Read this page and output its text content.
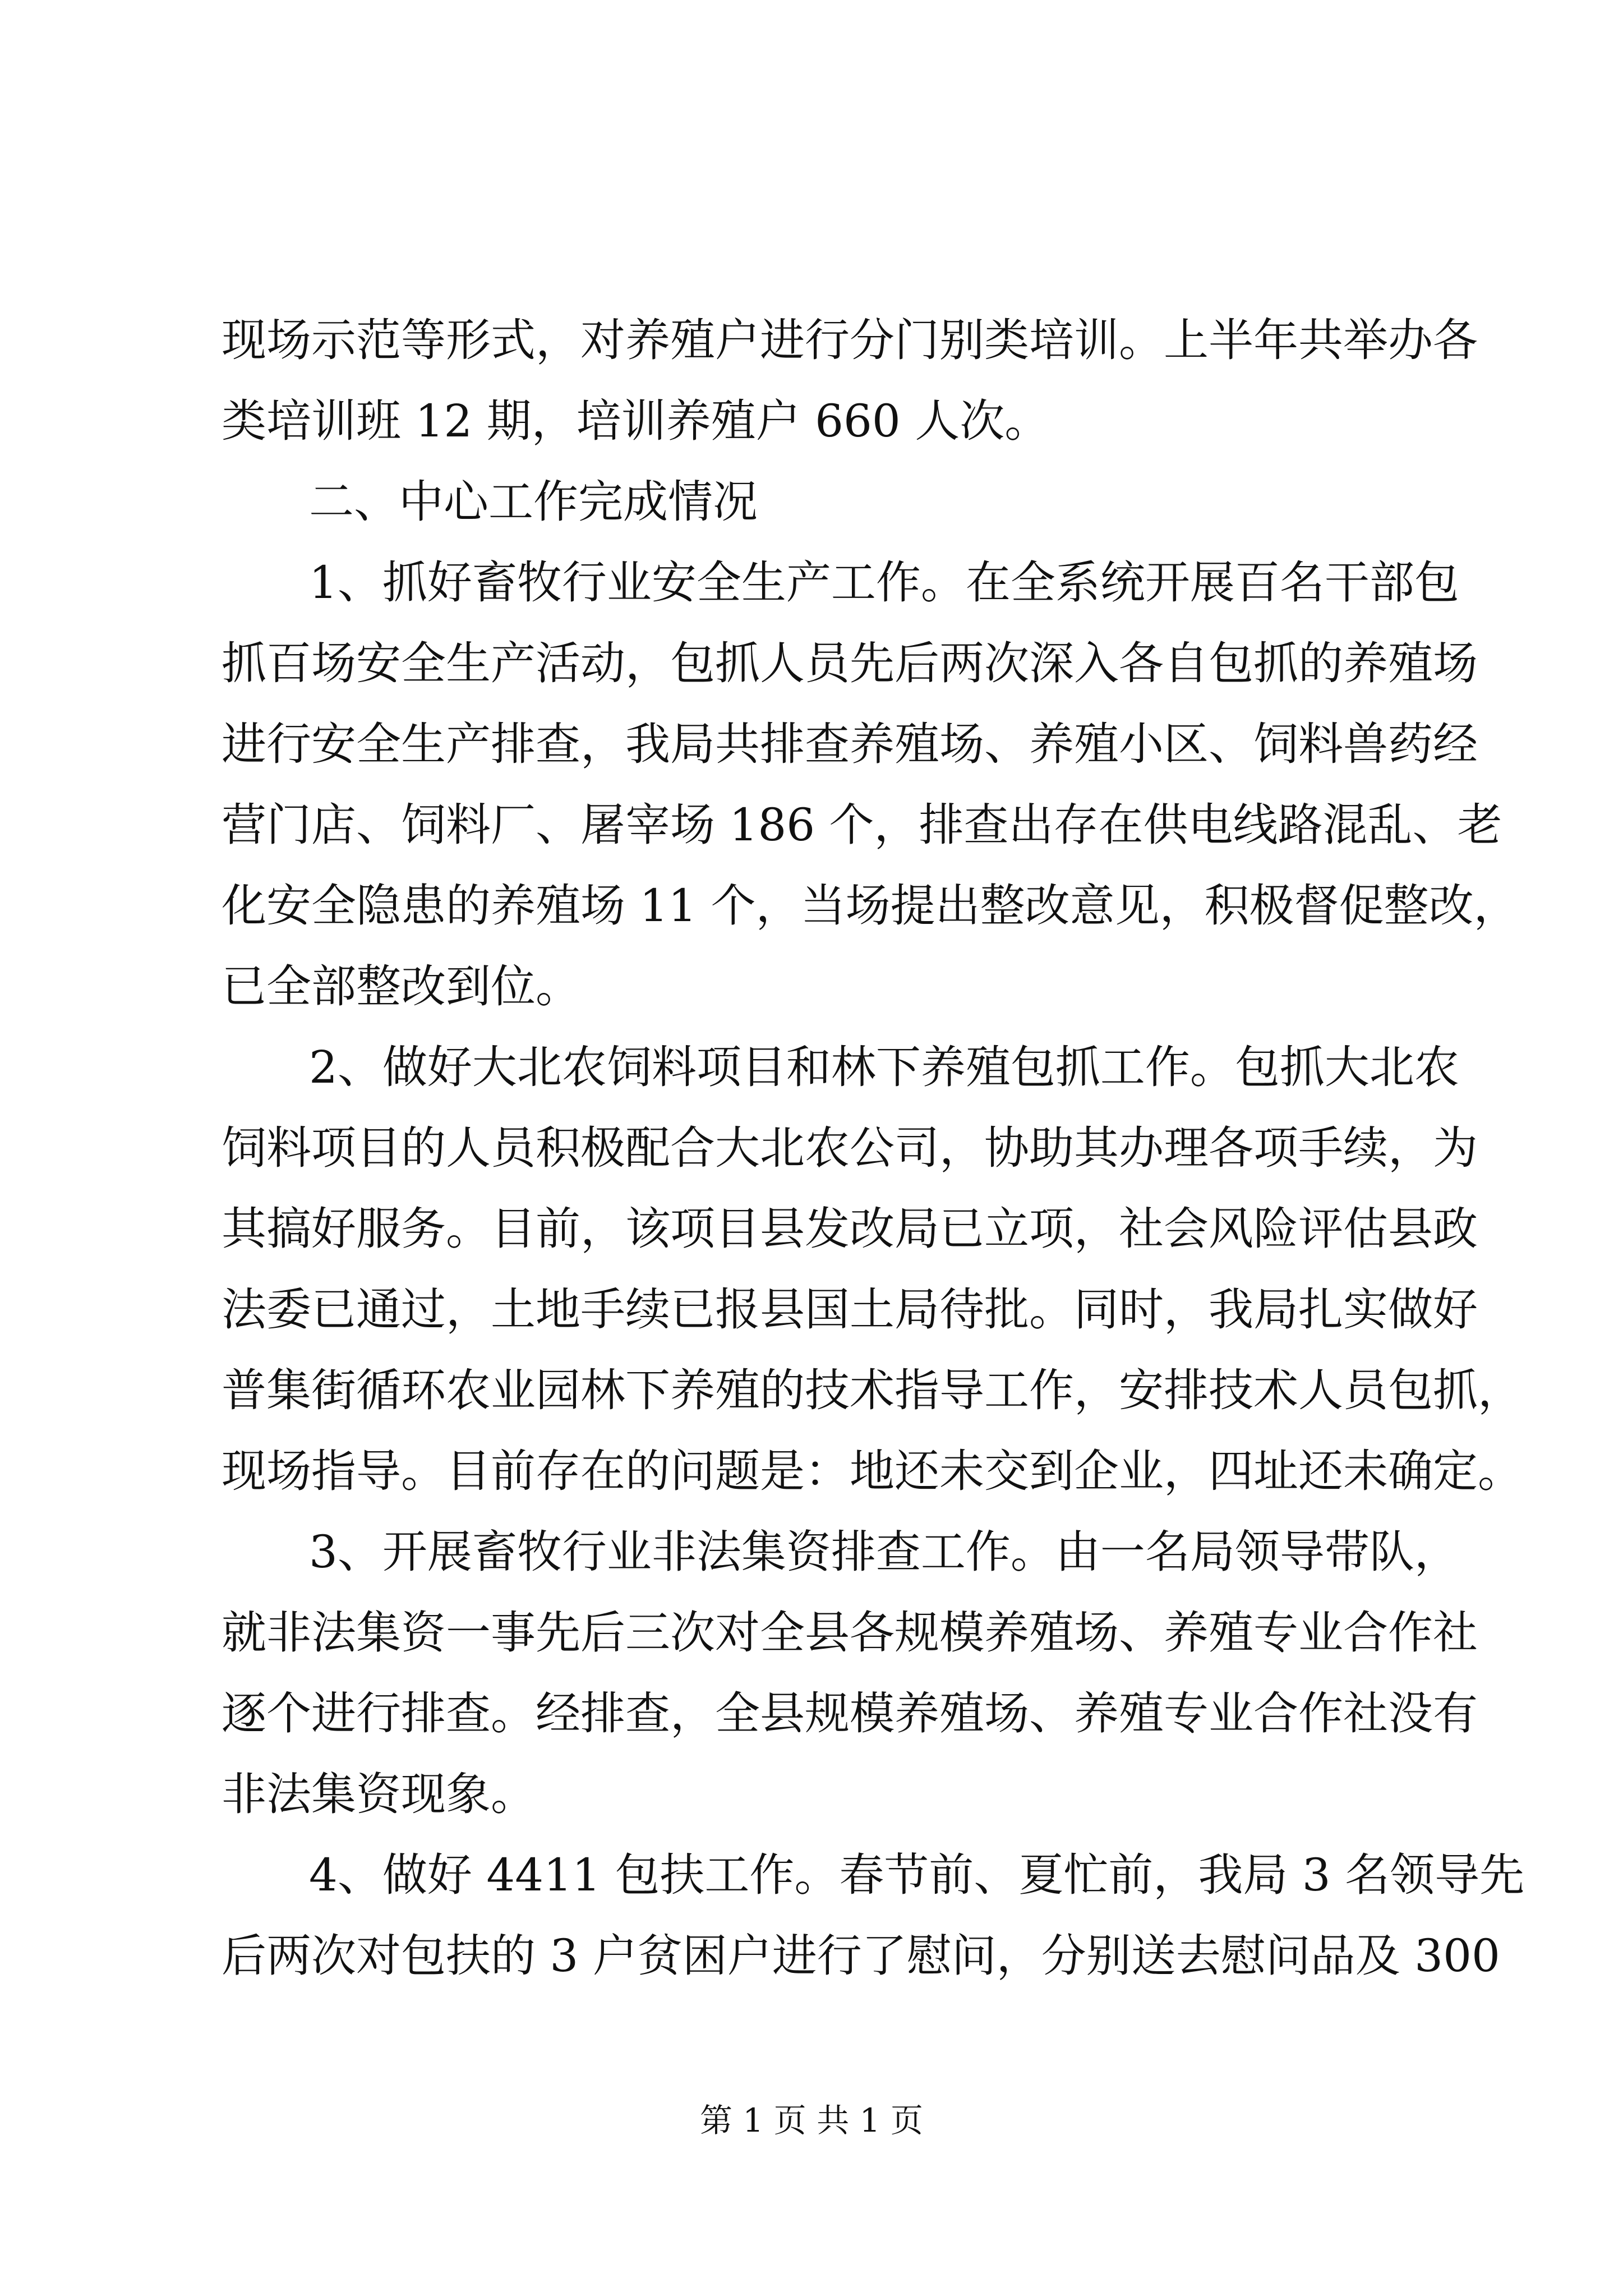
现场示范等形式，对养殖户进行分门别类培训。上半年共举办各
类培训班 12 期，培训养殖户 660 人次。
二、中心工作完成情况
1、抓好畜牧行业安全生产工作。在全系统开展百名干部包
抓百场安全生产活动，包抓人员先后两次深入各自包抓的养殖场
进行安全生产排查，我局共排查养殖场、养殖小区、饲料兽药经
营门店、饲料厂、屠宰场 186 个，排查出存在供电线路混乱、老
化安全隐患的养殖场 11 个，当场提出整改意见，积极督促整改，
已全部整改到位。
2、做好大北农饲料项目和林下养殖包抓工作。包抓大北农
饲料项目的人员积极配合大北农公司，协助其办理各项手续，为
其搞好服务。目前，该项目县发改局已立项，社会风险评估县政
法委已通过，土地手续已报县国土局待批。同时，我局扎实做好
普集街循环农业园林下养殖的技术指导工作，安排技术人员包抓，
现场指导。目前存在的问题是：地还未交到企业，四址还未确定。
3、开展畜牧行业非法集资排查工作。由一名局领导带队，
就非法集资一事先后三次对全县各规模养殖场、养殖专业合作社
逐个进行排查。经排查，全县规模养殖场、养殖专业合作社没有
非法集资现象。
4、做好 4411 包扶工作。春节前、夏忙前，我局 3 名领导先
后两次对包扶的 3 户贫困户进行了慰问，分别送去慰问品及 300
第 1 页 共 1 页
